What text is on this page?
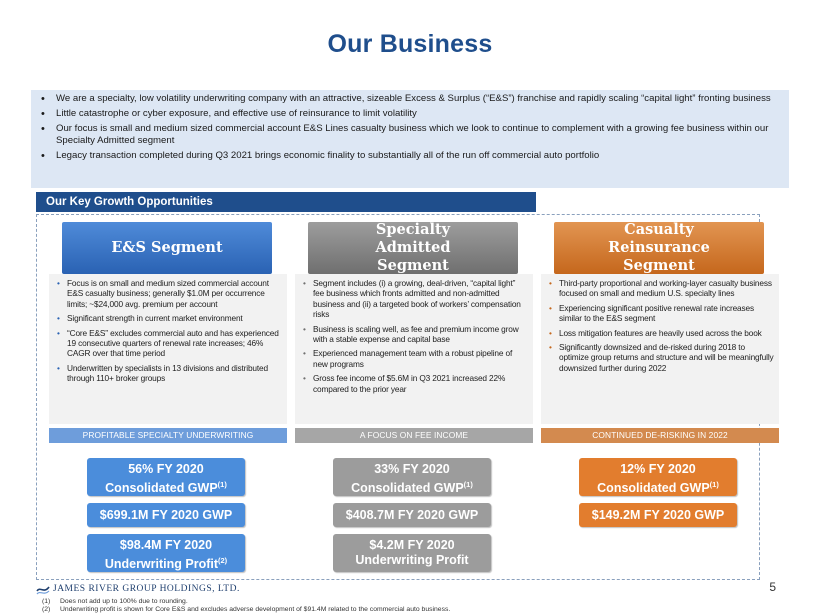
Our Business
• We are a specialty, low volatility underwriting company with an attractive, sizeable Excess & Surplus (“E&S”) franchise and rapidly scaling “capital light” fronting business
• Little catastrophe or cyber exposure, and effective use of reinsurance to limit volatility
• Our focus is small and medium sized commercial account E&S Lines casualty business which we look to continue to complement with a growing fee business within our Specialty Admitted segment
• Legacy transaction completed during Q3 2021 brings economic finality to substantially all of the run off commercial auto portfolio
Our Key Growth Opportunities
E&S Segment
• Focus is on small and medium sized commercial account E&S casualty business; generally $1.0M per occurrence limits; ~$24,000 avg. premium per account
• Significant strength in current market environment
• “Core E&S” excludes commercial auto and has experienced 19 consecutive quarters of renewal rate increases; 46% CAGR over that time period
• Underwritten by specialists in 13 divisions and distributed through 110+ broker groups
PROFITABLE SPECIALTY UNDERWRITING
56% FY 2020
Consolidated GWP$^{(1)}$
$699.1M FY 2020 GWP
$98.4M FY 2020
Underwriting Profit$^{(2)}$
Specialty Admitted Segment
• Segment includes (i) a growing, deal-driven, “capital light” fee business which fronts admitted and non-admitted business and (ii) a targeted book of workers’ compensation risks
• Business is scaling well, as fee and premium income grow with a stable expense and capital base
• Experienced management team with a robust pipeline of new programs
• Gross fee income of $5.6M in Q3 2021 increased 22% compared to the prior year
A FOCUS ON FEE INCOME
33% FY 2020
Consolidated GWP$^{(1)}$
$408.7M FY 2020 GWP
$4.2M FY 2020
Underwriting Profit
Casualty Reinsurance Segment
• Third-party proportional and working-layer casualty business focused on small and medium U.S. specialty lines
• Experiencing significant positive renewal rate increases similar to the E&S segment
• Loss mitigation features are heavily used across the book
• Significantly downsized and de-risked during 2018 to optimize group returns and structure and will be meaningfully downsized further during 2022
CONTINUED DE-RISKING IN 2022
12% FY 2020
Consolidated GWP$^{(1)}$
$149.2M FY 2020 GWP
JAMES RIVER GROUP HOLDINGS, LTD.	5
(1) Does not add up to 100% due to rounding.
(2) Underwriting profit is shown for Core E&S and excludes adverse development of $91.4M related to the commercial auto business.
